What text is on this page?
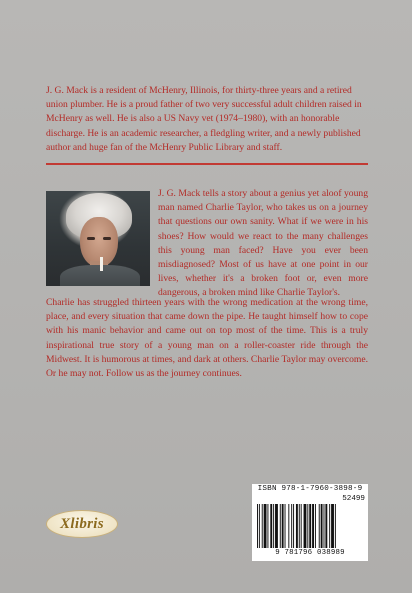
J. G. Mack is a resident of McHenry, Illinois, for thirty-three years and a retired union plumber. He is a proud father of two very successful adult children raised in McHenry as well. He is also a US Navy vet (1974–1980), with an honorable discharge. He is an academic researcher, a fledgling writer, and a newly published author and huge fan of the McHenry Public Library and staff.

J. G. Mack tells a story about a genius yet aloof young man named Charlie Taylor, who takes us on a journey that questions our own sanity. What if we were in his shoes? How would we react to the many challenges this young man faced? Have you ever been misdiagnosed? Most of us have at one point in our lives, whether it's a broken foot or, even more dangerous, a broken mind like Charlie Taylor's.

Charlie has struggled thirteen years with the wrong medication at the wrong time, place, and every situation that came down the pipe. He taught himself how to cope with his manic behavior and came out on top most of the time. This is a truly inspirational true story of a young man on a roller-coaster ride through the Midwest. It is humorous at times, and dark at others. Charlie Taylor may overcome. Or he may not. Follow us as the journey continues.

Xlibris
ISBN 978-1-7960-3898-9
52499
9 781796 038989
